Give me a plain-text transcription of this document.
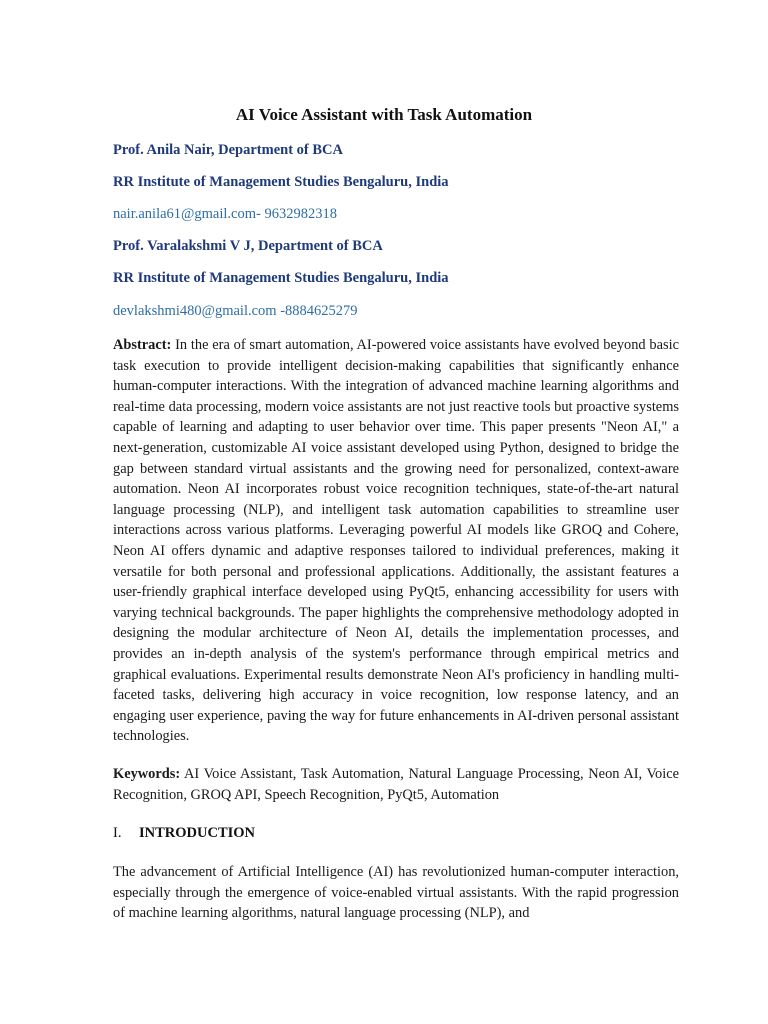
AI Voice Assistant with Task Automation
Prof. Anila Nair, Department of BCA
RR Institute of Management Studies Bengaluru, India
nair.anila61@gmail.com- 9632982318
Prof. Varalakshmi V J, Department of BCA
RR Institute of Management Studies Bengaluru, India
devlakshmi480@gmail.com -8884625279
Abstract: In the era of smart automation, AI-powered voice assistants have evolved beyond basic task execution to provide intelligent decision-making capabilities that significantly enhance human-computer interactions. With the integration of advanced machine learning algorithms and real-time data processing, modern voice assistants are not just reactive tools but proactive systems capable of learning and adapting to user behavior over time. This paper presents "Neon AI," a next-generation, customizable AI voice assistant developed using Python, designed to bridge the gap between standard virtual assistants and the growing need for personalized, context-aware automation. Neon AI incorporates robust voice recognition techniques, state-of-the-art natural language processing (NLP), and intelligent task automation capabilities to streamline user interactions across various platforms. Leveraging powerful AI models like GROQ and Cohere, Neon AI offers dynamic and adaptive responses tailored to individual preferences, making it versatile for both personal and professional applications. Additionally, the assistant features a user-friendly graphical interface developed using PyQt5, enhancing accessibility for users with varying technical backgrounds. The paper highlights the comprehensive methodology adopted in designing the modular architecture of Neon AI, details the implementation processes, and provides an in-depth analysis of the system's performance through empirical metrics and graphical evaluations. Experimental results demonstrate Neon AI's proficiency in handling multi-faceted tasks, delivering high accuracy in voice recognition, low response latency, and an engaging user experience, paving the way for future enhancements in AI-driven personal assistant technologies.
Keywords: AI Voice Assistant, Task Automation, Natural Language Processing, Neon AI, Voice Recognition, GROQ API, Speech Recognition, PyQt5, Automation
I. INTRODUCTION
The advancement of Artificial Intelligence (AI) has revolutionized human-computer interaction, especially through the emergence of voice-enabled virtual assistants. With the rapid progression of machine learning algorithms, natural language processing (NLP), and
